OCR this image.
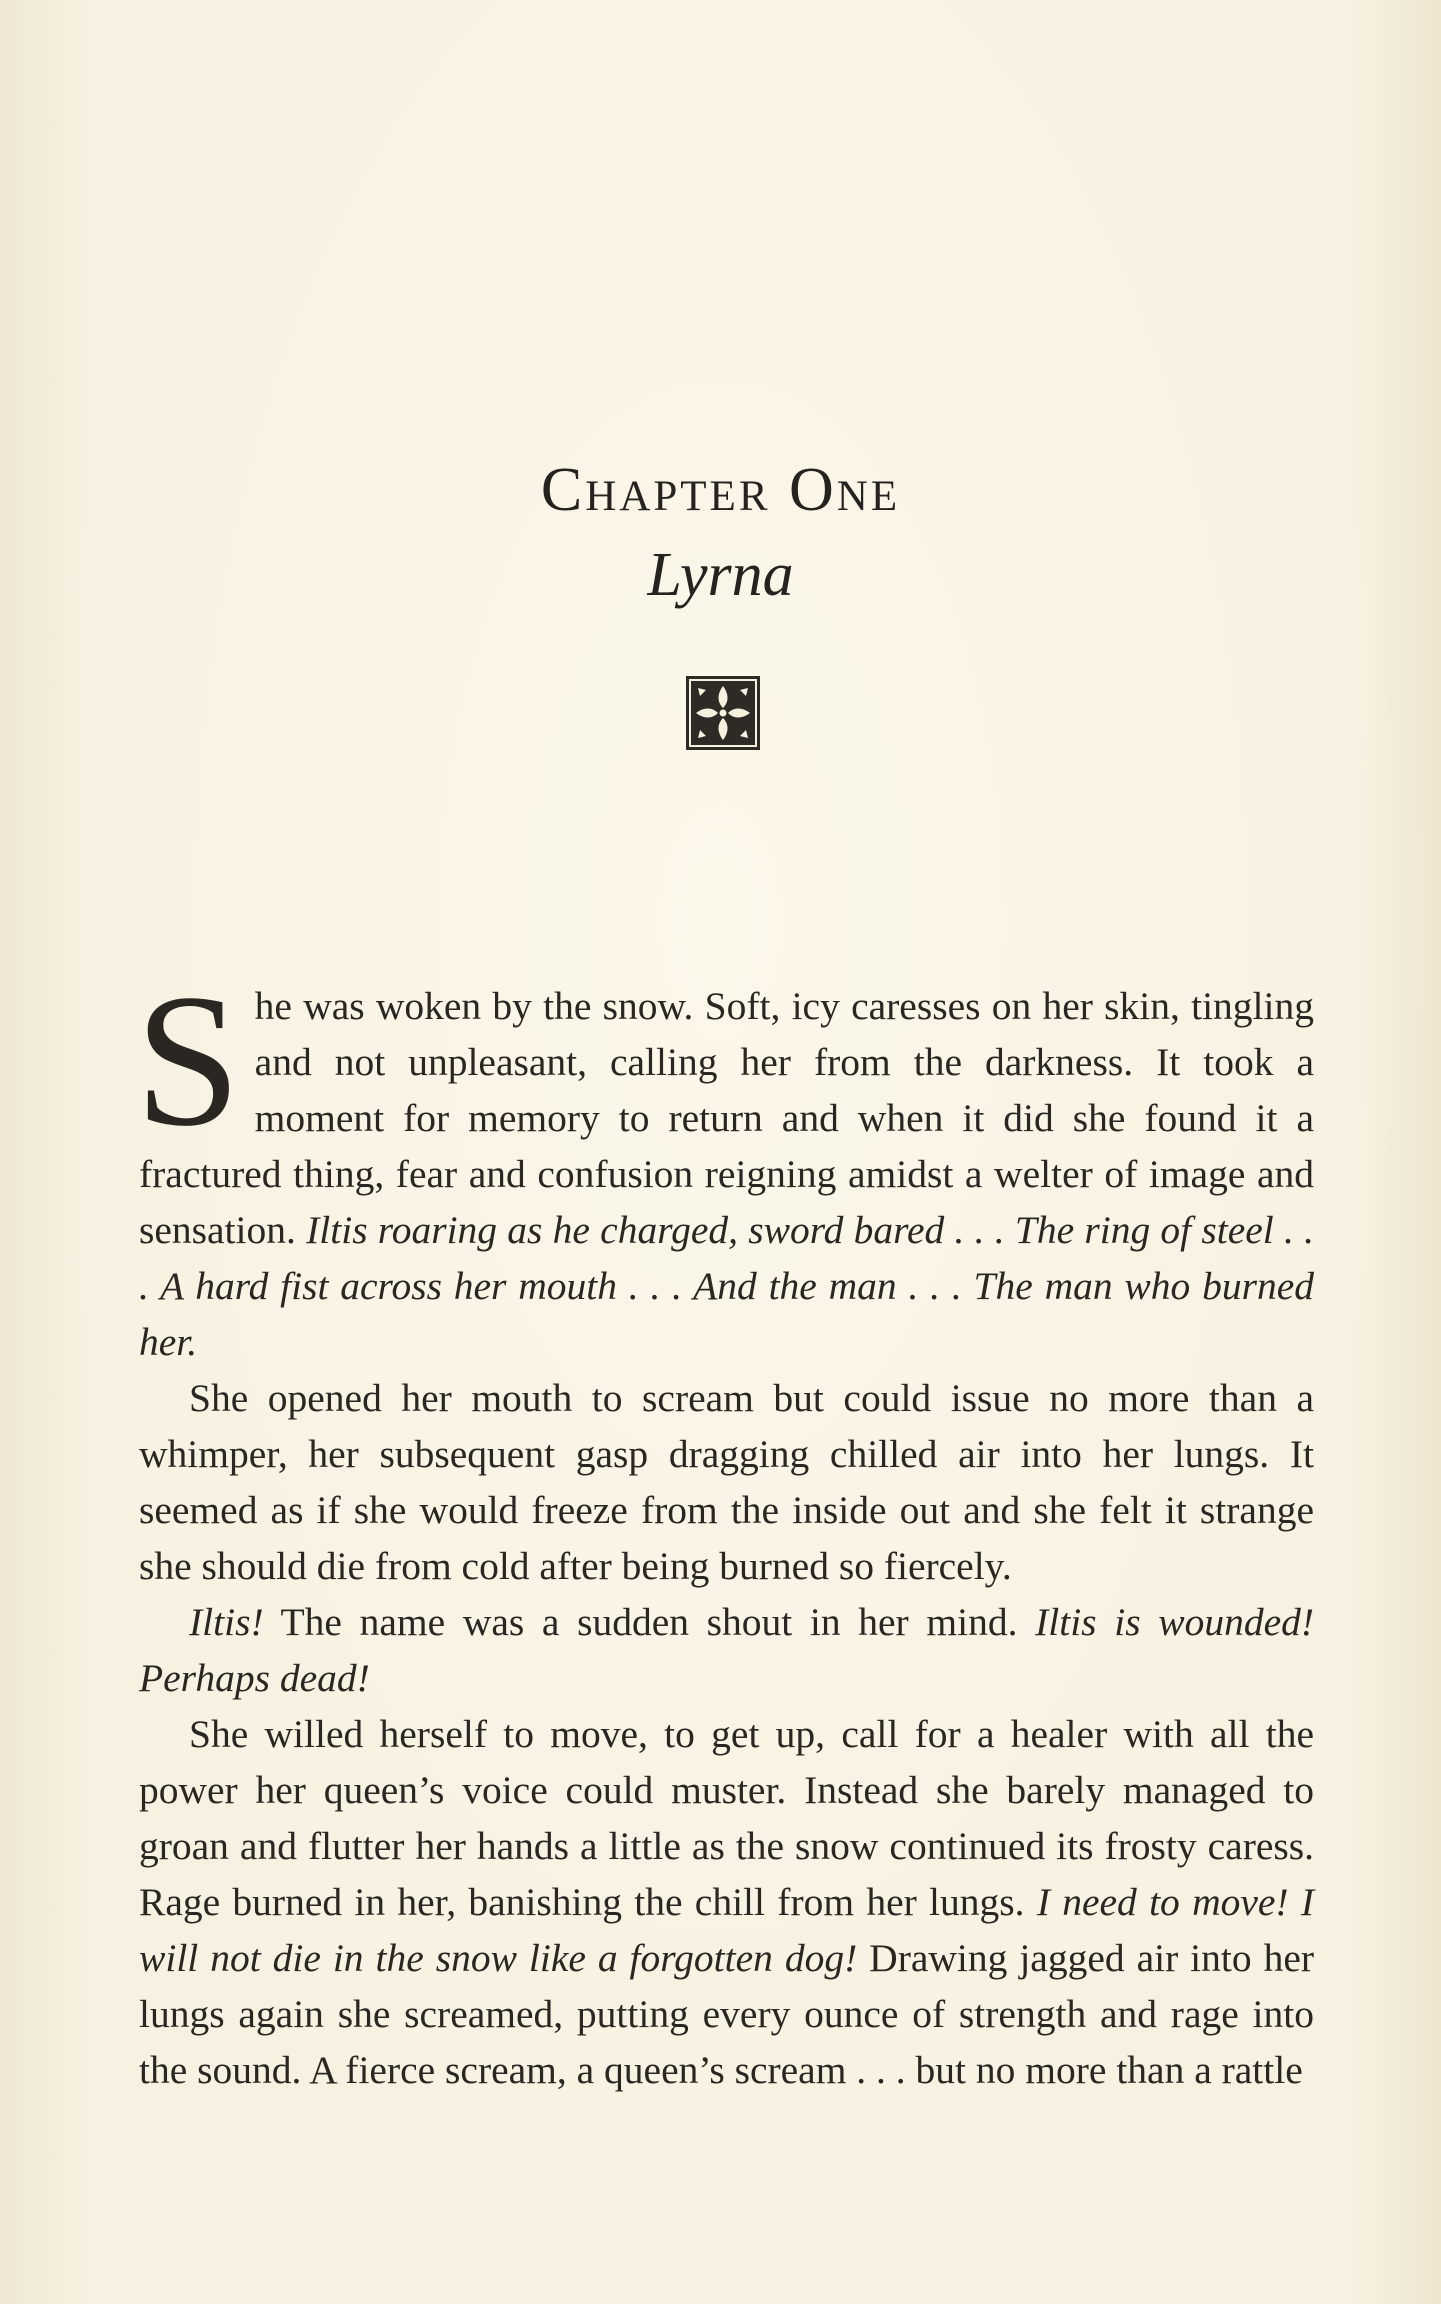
Chapter One
Lyrna

She was woken by the snow. Soft, icy caresses on her skin, tingling and not unpleasant, calling her from the darkness. It took a moment for memory to return and when it did she found it a fractured thing, fear and confusion reigning amidst a welter of image and sensation. Iltis roaring as he charged, sword bared . . . The ring of steel . . . A hard fist across her mouth . . . And the man . . . The man who burned her.

She opened her mouth to scream but could issue no more than a whimper, her subsequent gasp dragging chilled air into her lungs. It seemed as if she would freeze from the inside out and she felt it strange she should die from cold after being burned so fiercely.

Iltis! The name was a sudden shout in her mind. Iltis is wounded! Perhaps dead!

She willed herself to move, to get up, call for a healer with all the power her queen’s voice could muster. Instead she barely managed to groan and flutter her hands a little as the snow continued its frosty caress. Rage burned in her, banishing the chill from her lungs. I need to move! I will not die in the snow like a forgotten dog! Drawing jagged air into her lungs again she screamed, putting every ounce of strength and rage into the sound. A fierce scream, a queen’s scream . . . but no more than a rattle
